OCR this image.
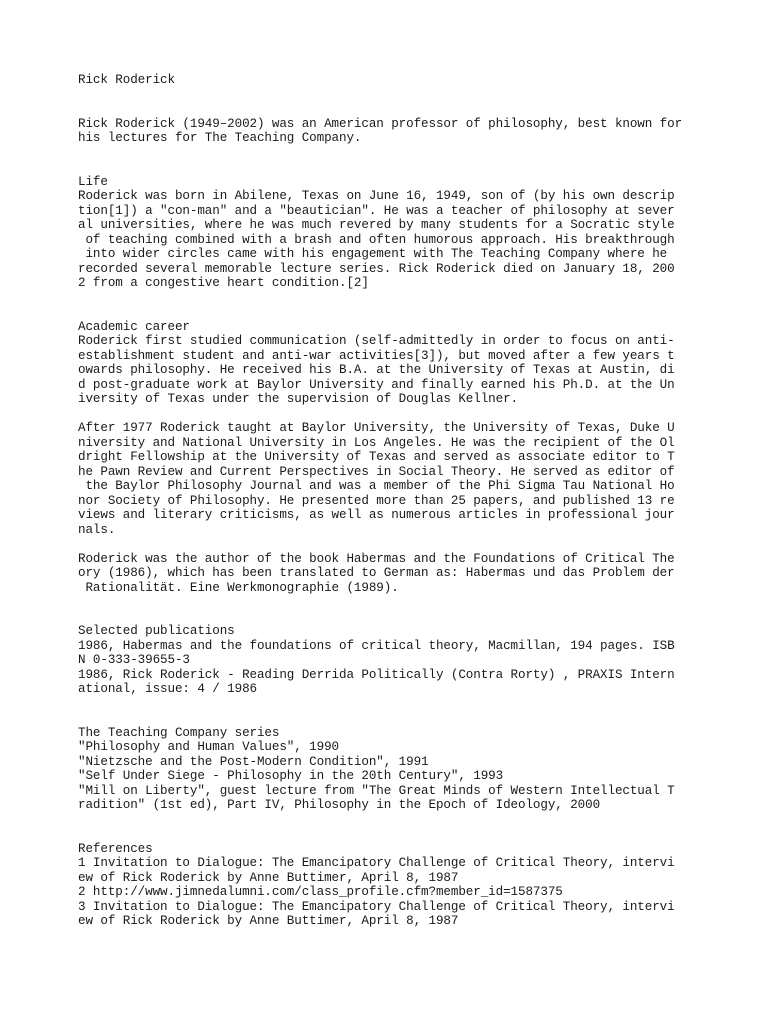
Rick Roderick
Rick Roderick (1949–2002) was an American professor of philosophy, best known for
his lectures for The Teaching Company.
Life
Roderick was born in Abilene, Texas on June 16, 1949, son of (by his own descrip
tion[1]) a "con-man" and a "beautician". He was a teacher of philosophy at sever
al universities, where he was much revered by many students for a Socratic style
of teaching combined with a brash and often humorous approach. His breakthrough
into wider circles came with his engagement with The Teaching Company where he
recorded several memorable lecture series. Rick Roderick died on January 18, 200
2 from a congestive heart condition.[2]
Academic career
Roderick first studied communication (self-admittedly in order to focus on anti-
establishment student and anti-war activities[3]), but moved after a few years t
owards philosophy. He received his B.A. at the University of Texas at Austin, di
d post-graduate work at Baylor University and finally earned his Ph.D. at the Un
iversity of Texas under the supervision of Douglas Kellner.
After 1977 Roderick taught at Baylor University, the University of Texas, Duke U
niversity and National University in Los Angeles. He was the recipient of the Ol
dright Fellowship at the University of Texas and served as associate editor to T
he Pawn Review and Current Perspectives in Social Theory. He served as editor of
the Baylor Philosophy Journal and was a member of the Phi Sigma Tau National Ho
nor Society of Philosophy. He presented more than 25 papers, and published 13 re
views and literary criticisms, as well as numerous articles in professional jour
nals.
Roderick was the author of the book Habermas and the Foundations of Critical The
ory (1986), which has been translated to German as: Habermas und das Problem der
Rationalität. Eine Werkmonographie (1989).
Selected publications
1986, Habermas and the foundations of critical theory, Macmillan, 194 pages. ISB
N 0-333-39655-3
1986, Rick Roderick - Reading Derrida Politically (Contra Rorty) , PRAXIS Intern
ational, issue: 4 / 1986
The Teaching Company series
"Philosophy and Human Values", 1990
"Nietzsche and the Post-Modern Condition", 1991
"Self Under Siege - Philosophy in the 20th Century", 1993
"Mill on Liberty", guest lecture from "The Great Minds of Western Intellectual T
radition" (1st ed), Part IV, Philosophy in the Epoch of Ideology, 2000
References
1 Invitation to Dialogue: The Emancipatory Challenge of Critical Theory, intervi
ew of Rick Roderick by Anne Buttimer, April 8, 1987
2 http://www.jimnedalumni.com/class_profile.cfm?member_id=1587375
3 Invitation to Dialogue: The Emancipatory Challenge of Critical Theory, intervi
ew of Rick Roderick by Anne Buttimer, April 8, 1987
